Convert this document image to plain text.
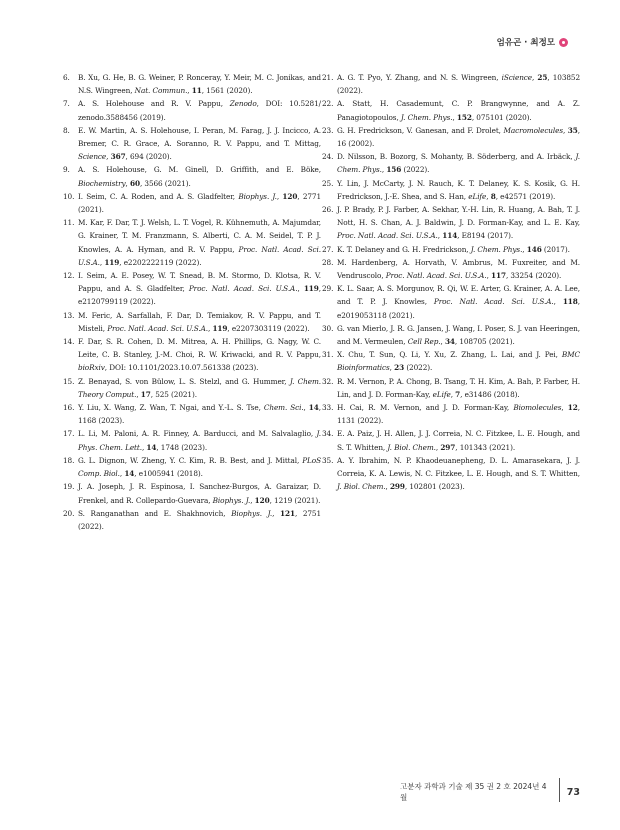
엄유곤 · 최정모
6. B. Xu, G. He, B. G. Weiner, P. Ronceray, Y. Meir, M. C. Jonikas, and N.S. Wingreen, Nat. Commun., 11, 1561 (2020).
7. A. S. Holehouse and R. V. Pappu, Zenodo, DOI: 10.5281/ zenodo.3588456 (2019).
8. E. W. Martin, A. S. Holehouse, I. Peran, M. Farag, J. J. Incicco, A. Bremer, C. R. Grace, A. Soranno, R. V. Pappu, and T. Mittag, Science, 367, 694 (2020).
9. A. S. Holehouse, G. M. Ginell, D. Griffith, and E. Böke, Biochemistry, 60, 3566 (2021).
10. I. Seim, C. A. Roden, and A. S. Gladfelter, Biophys. J., 120, 2771 (2021).
11. M. Kar, F. Dar, T. J. Welsh, L. T. Vogel, R. Kühnemuth, A. Majumdar, G. Krainer, T. M. Franzmann, S. Alberti, C. A. M. Seidel, T. P. J. Knowles, A. A. Hyman, and R. V. Pappu, Proc. Natl. Acad. Sci. U.S.A., 119, e2202222119 (2022).
12. I. Seim, A. E. Posey, W. T. Snead, B. M. Stormo, D. Klotsa, R. V. Pappu, and A. S. Gladfelter, Proc. Natl. Acad. Sci. U.S.A., 119, e2120799119 (2022).
13. M. Feric, A. Sarfallah, F. Dar, D. Temiakov, R. V. Pappu, and T. Misteli, Proc. Natl. Acad. Sci. U.S.A., 119, e2207303119 (2022).
14. F. Dar, S. R. Cohen, D. M. Mitrea, A. H. Phillips, G. Nagy, W. C. Leite, C. B. Stanley, J.-M. Choi, R. W. Kriwacki, and R. V. Pappu, bioRxiv, DOI: 10.1101/2023.10.07.561338 (2023).
15. Z. Benayad, S. von Bülow, L. S. Stelzl, and G. Hummer, J. Chem. Theory Comput., 17, 525 (2021).
16. Y. Liu, X. Wang, Z. Wan, T. Ngai, and Y.-L. S. Tse, Chem. Sci., 14, 1168 (2023).
17. L. Li, M. Paloni, A. R. Finney, A. Barducci, and M. Salvalaglio, J. Phys. Chem. Lett., 14, 1748 (2023).
18. G. L. Dignon, W. Zheng, Y. C. Kim, R. B. Best, and J. Mittal, PLoS Comp. Biol., 14, e1005941 (2018).
19. J. A. Joseph, J. R. Espinosa, I. Sanchez-Burgos, A. Garaizar, D. Frenkel, and R. Collepardo-Guevara, Biophys. J., 120, 1219 (2021).
20. S. Ranganathan and E. Shakhnovich, Biophys. J., 121, 2751 (2022).
21. A. G. T. Pyo, Y. Zhang, and N. S. Wingreen, iScience, 25, 103852 (2022).
22. A. Statt, H. Casademunt, C. P. Brangwynne, and A. Z. Panagiotopoulos, J. Chem. Phys., 152, 075101 (2020).
23. G. H. Fredrickson, V. Ganesan, and F. Drolet, Macromolecules, 35, 16 (2002).
24. D. Nilsson, B. Bozorg, S. Mohanty, B. Söderberg, and A. Irbäck, J. Chem. Phys., 156 (2022).
25. Y. Lin, J. McCarty, J. N. Rauch, K. T. Delaney, K. S. Kosik, G. H. Fredrickson, J.-E. Shea, and S. Han, eLife, 8, e42571 (2019).
26. J. P. Brady, P. J. Farber, A. Sekhar, Y.-H. Lin, R. Huang, A. Bah, T. J. Nott, H. S. Chan, A. J. Baldwin, J. D. Forman-Kay, and L. E. Kay, Proc. Natl. Acad. Sci. U.S.A., 114, E8194 (2017).
27. K. T. Delaney and G. H. Fredrickson, J. Chem. Phys., 146 (2017).
28. M. Hardenberg, A. Horvath, V. Ambrus, M. Fuxreiter, and M. Vendruscolo, Proc. Natl. Acad. Sci. U.S.A., 117, 33254 (2020).
29. K. L. Saar, A. S. Morgunov, R. Qi, W. E. Arter, G. Krainer, A. A. Lee, and T. P. J. Knowles, Proc. Natl. Acad. Sci. U.S.A., 118, e2019053118 (2021).
30. G. van Mierlo, J. R. G. Jansen, J. Wang, I. Poser, S. J. van Heeringen, and M. Vermeulen, Cell Rep., 34, 108705 (2021).
31. X. Chu, T. Sun, Q. Li, Y. Xu, Z. Zhang, L. Lai, and J. Pei, BMC Bioinformatics, 23 (2022).
32. R. M. Vernon, P. A. Chong, B. Tsang, T. H. Kim, A. Bah, P. Farber, H. Lin, and J. D. Forman-Kay, eLife, 7, e31486 (2018).
33. H. Cai, R. M. Vernon, and J. D. Forman-Kay, Biomolecules, 12, 1131 (2022).
34. E. A. Paiz, J. H. Allen, J. J. Correia, N. C. Fitzkee, L. E. Hough, and S. T. Whitten, J. Biol. Chem., 297, 101343 (2021).
35. A. Y. Ibrahim, N. P. Khaodeuanepheng, D. L. Amarasekara, J. J. Correia, K. A. Lewis, N. C. Fitzkee, L. E. Hough, and S. T. Whitten, J. Biol. Chem., 299, 102801 (2023).
고분자 과학과 기술 제 35 권 2 호 2024년 4월	73
